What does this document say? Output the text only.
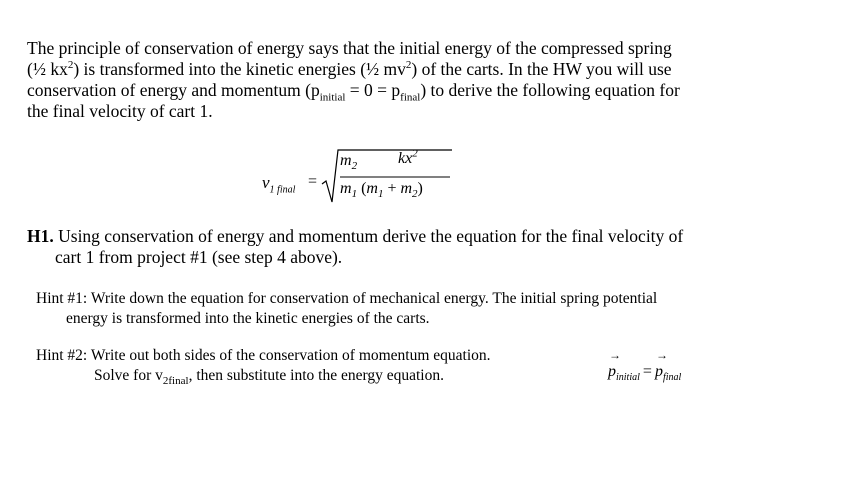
The principle of conservation of energy says that the initial energy of the compressed spring

(½ $kx^2$) is transformed into the kinetic energies (½ $mv^2$) of the carts. In the HW you will use

conservation of energy and momentum $(p_{initial} = 0 = p_{final})$ to derive the following equation for

the final velocity of cart 1.

$v_{1 final}$ =
$m_2$	$kx^2$
$m_1$ $(m_1 + m_2)$

H1. Using conservation of energy and momentum derive the equation for the final velocity of

cart 1 from project #1 (see step 4 above).

Hint #1: Write down the equation for conservation of mechanical energy. The initial spring potential

energy is transformed into the kinetic energies of the carts.

Hint #2: Write out both sides of the conservation of momentum equation.

Solve for $v_{2final}$, then substitute into the energy equation.

→
$p_{initial}$ =
→
$p_{final}$
